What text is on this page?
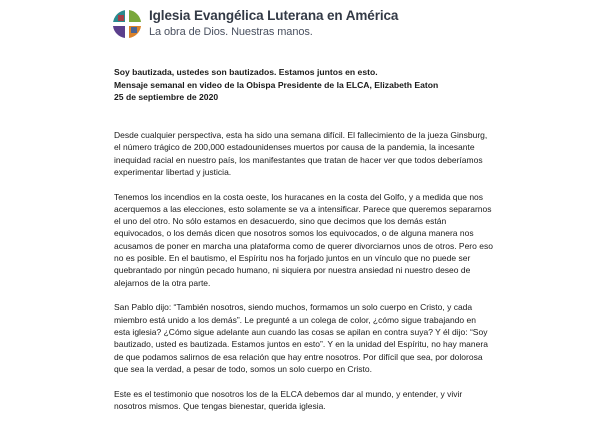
Iglesia Evangélica Luterana en América
La obra de Dios. Nuestras manos.
Soy bautizada, ustedes son bautizados. Estamos juntos en esto.
Mensaje semanal en video de la Obispa Presidente de la ELCA, Elizabeth Eaton
25 de septiembre de 2020

Desde cualquier perspectiva, esta ha sido una semana difícil. El fallecimiento de la jueza Ginsburg, el número trágico de 200,000 estadounidenses muertos por causa de la pandemia, la incesante inequidad racial en nuestro país, los manifestantes que tratan de hacer ver que todos deberíamos experimentar libertad y justicia.

Tenemos los incendios en la costa oeste, los huracanes en la costa del Golfo, y a medida que nos acerquemos a las elecciones, esto solamente se va a intensificar. Parece que queremos separarnos el uno del otro. No sólo estamos en desacuerdo, sino que decimos que los demás están equivocados, o los demás dicen que nosotros somos los equivocados, o de alguna manera nos acusamos de poner en marcha una plataforma como de querer divorciarnos unos de otros. Pero eso no es posible. En el bautismo, el Espíritu nos ha forjado juntos en un vínculo que no puede ser quebrantado por ningún pecado humano, ni siquiera por nuestra ansiedad ni nuestro deseo de alejarnos de la otra parte.

San Pablo dijo: “También nosotros, siendo muchos, formamos un solo cuerpo en Cristo, y cada miembro está unido a los demás”. Le pregunté a un colega de color, ¿cómo sigue trabajando en esta iglesia? ¿Cómo sigue adelante aun cuando las cosas se apilan en contra suya? Y él dijo: “Soy bautizado, usted es bautizada. Estamos juntos en esto”. Y en la unidad del Espíritu, no hay manera de que podamos salirnos de esa relación que hay entre nosotros. Por difícil que sea, por dolorosa que sea la verdad, a pesar de todo, somos un solo cuerpo en Cristo.

Este es el testimonio que nosotros los de la ELCA debemos dar al mundo, y entender, y vivir nosotros mismos. Que tengas bienestar, querida iglesia.
